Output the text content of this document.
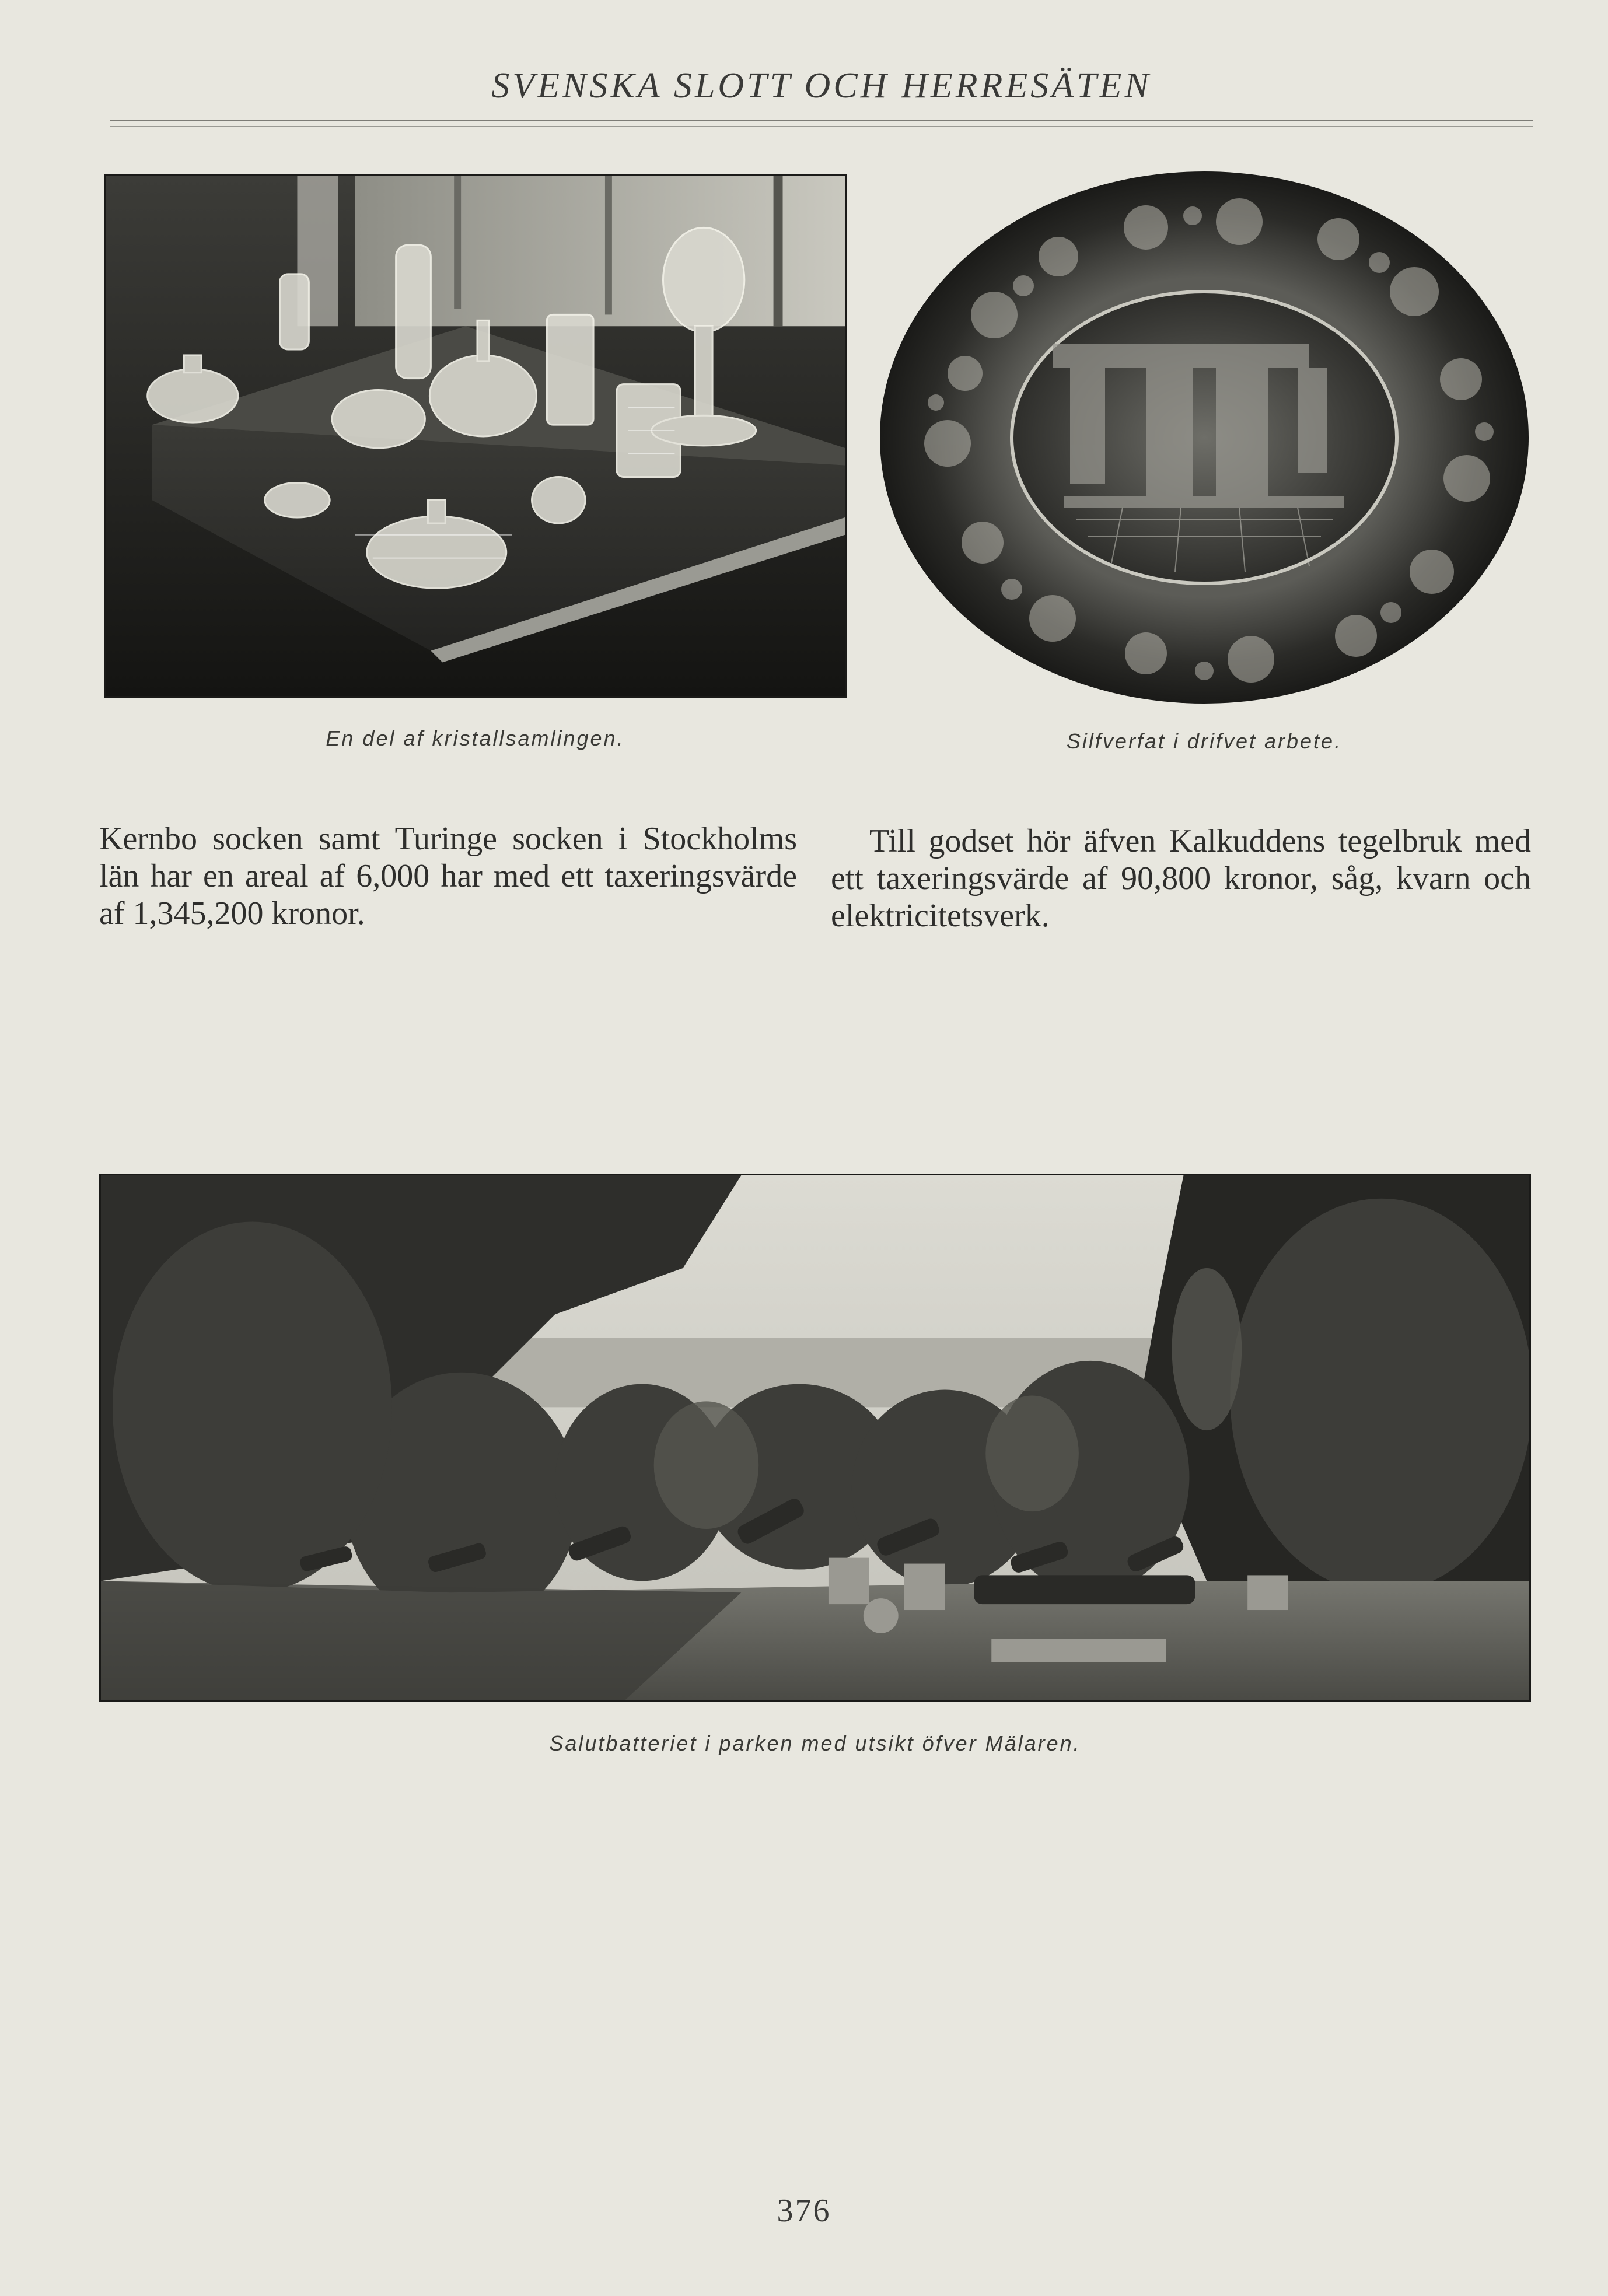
SVENSKA SLOTT OCH HERRESÄTEN
En del af kristallsamlingen.	Silfverfat i drifvet arbete.
Kernbo socken samt Turinge socken i Stockholms län har en areal af 6,000 har med ett taxeringsvärde af 1,345,200 kronor.
Till godset hör äfven Kalkuddens tegelbruk med ett taxeringsvärde af 90,800 kronor, såg, kvarn och elektricitetsverk.
Salutbatteriet i parken med utsikt öfver Mälaren.
376
